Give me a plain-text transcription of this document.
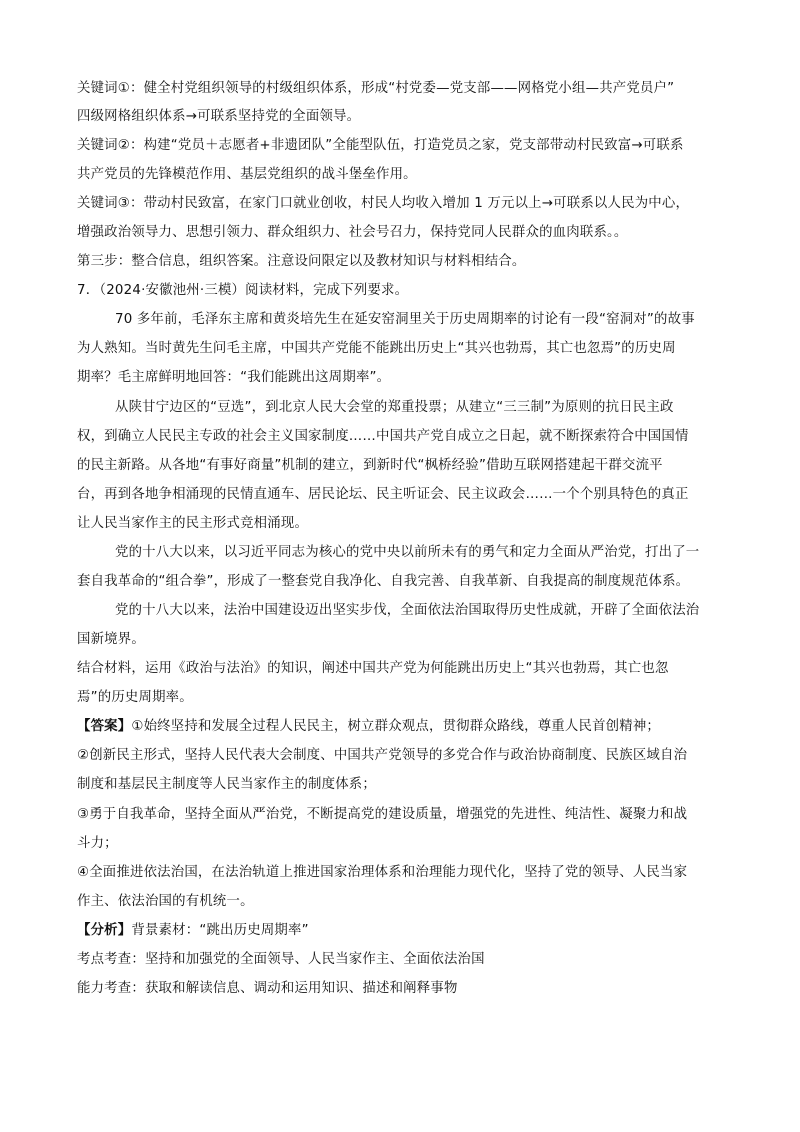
关键词①：健全村党组织领导的村级组织体系，形成“村党委—党支部——网格党小组—共产党员户”
四级网格组织体系→可联系坚持党的全面领导。
关键词②：构建“党员＋志愿者+非遗团队”全能型队伍，打造党员之家，党支部带动村民致富→可联系
共产党员的先锋模范作用、基层党组织的战斗堡垒作用。
关键词③：带动村民致富，在家门口就业创收，村民人均收入增加 1 万元以上→可联系以人民为中心，
增强政治领导力、思想引领力、群众组织力、社会号召力，保持党同人民群众的血肉联系。。
第三步：整合信息，组织答案。注意设问限定以及教材知识与材料相结合。
7．（2024·安徽池州·三模）阅读材料，完成下列要求。
70 多年前，毛泽东主席和黄炎培先生在延安窑洞里关于历史周期率的讨论有一段“窑洞对”的故事
为人熟知。当时黄先生问毛主席，中国共产党能不能跳出历史上“其兴也勃焉，其亡也忽焉”的历史周
期率？毛主席鲜明地回答：“我们能跳出这周期率”。
从陕甘宁边区的“豆选”，到北京人民大会堂的郑重投票；从建立“三三制”为原则的抗日民主政
权，到确立人民民主专政的社会主义国家制度……中国共产党自成立之日起，就不断探索符合中国国情
的民主新路。从各地“有事好商量”机制的建立，到新时代“枫桥经验”借助互联网搭建起干群交流平
台，再到各地争相涌现的民情直通车、居民论坛、民主听证会、民主议政会……一个个别具特色的真正
让人民当家作主的民主形式竞相涌现。
党的十八大以来，以习近平同志为核心的党中央以前所未有的勇气和定力全面从严治党，打出了一
套自我革命的“组合拳”，形成了一整套党自我净化、自我完善、自我革新、自我提高的制度规范体系。
党的十八大以来，法治中国建设迈出坚实步伐，全面依法治国取得历史性成就，开辟了全面依法治
国新境界。
结合材料，运用《政治与法治》的知识，阐述中国共产党为何能跳出历史上“其兴也勃焉，其亡也忽
焉”的历史周期率。
【答案】①始终坚持和发展全过程人民民主，树立群众观点，贯彻群众路线，尊重人民首创精神；
②创新民主形式，坚持人民代表大会制度、中国共产党领导的多党合作与政治协商制度、民族区域自治
制度和基层民主制度等人民当家作主的制度体系；
③勇于自我革命，坚持全面从严治党，不断提高党的建设质量，增强党的先进性、纯洁性、凝聚力和战
斗力；
④全面推进依法治国，在法治轨道上推进国家治理体系和治理能力现代化，坚持了党的领导、人民当家
作主、依法治国的有机统一。
【分析】背景素材：“跳出历史周期率”
考点考查：坚持和加强党的全面领导、人民当家作主、全面依法治国
能力考查：获取和解读信息、调动和运用知识、描述和阐释事物
